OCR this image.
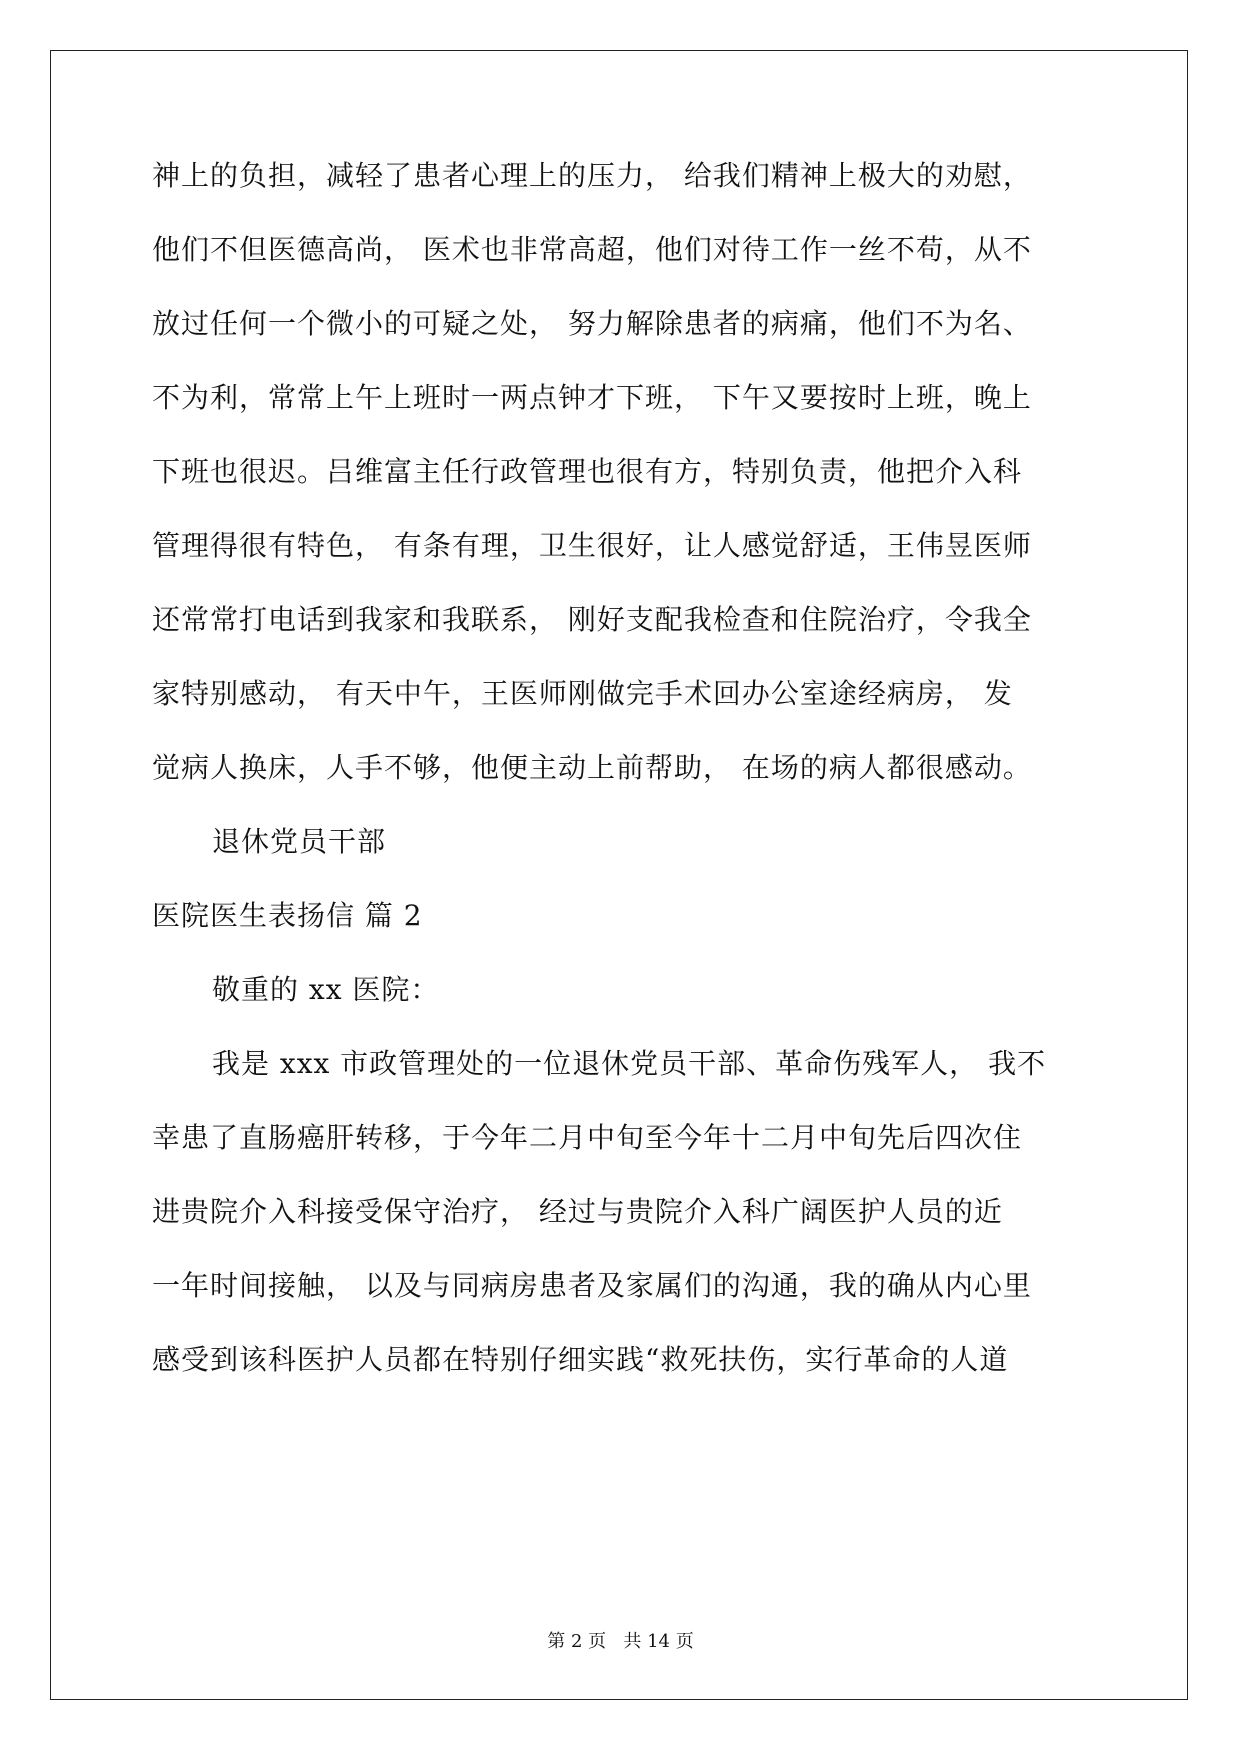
神上的负担，减轻了患者心理上的压力， 给我们精神上极大的劝慰，
他们不但医德高尚， 医术也非常高超，他们对待工作一丝不苟，从不
放过任何一个微小的可疑之处， 努力解除患者的病痛，他们不为名、
不为利，常常上午上班时一两点钟才下班， 下午又要按时上班，晚上
下班也很迟。吕维富主任行政管理也很有方，特别负责，他把介入科
管理得很有特色， 有条有理，卫生很好，让人感觉舒适，王伟昱医师
还常常打电话到我家和我联系， 刚好支配我检查和住院治疗，令我全
家特别感动， 有天中午，王医师刚做完手术回办公室途经病房， 发
觉病人换床，人手不够，他便主动上前帮助， 在场的病人都很感动。
退休党员干部
医院医生表扬信 篇 2
敬重的 xx 医院：
我是 xxx 市政管理处的一位退休党员干部、革命伤残军人， 我不
幸患了直肠癌肝转移，于今年二月中旬至今年十二月中旬先后四次住
进贵院介入科接受保守治疗， 经过与贵院介入科广阔医护人员的近
一年时间接触， 以及与同病房患者及家属们的沟通，我的确从内心里
感受到该科医护人员都在特别仔细实践“救死扶伤，实行革命的人道
第 2 页   共 14 页
